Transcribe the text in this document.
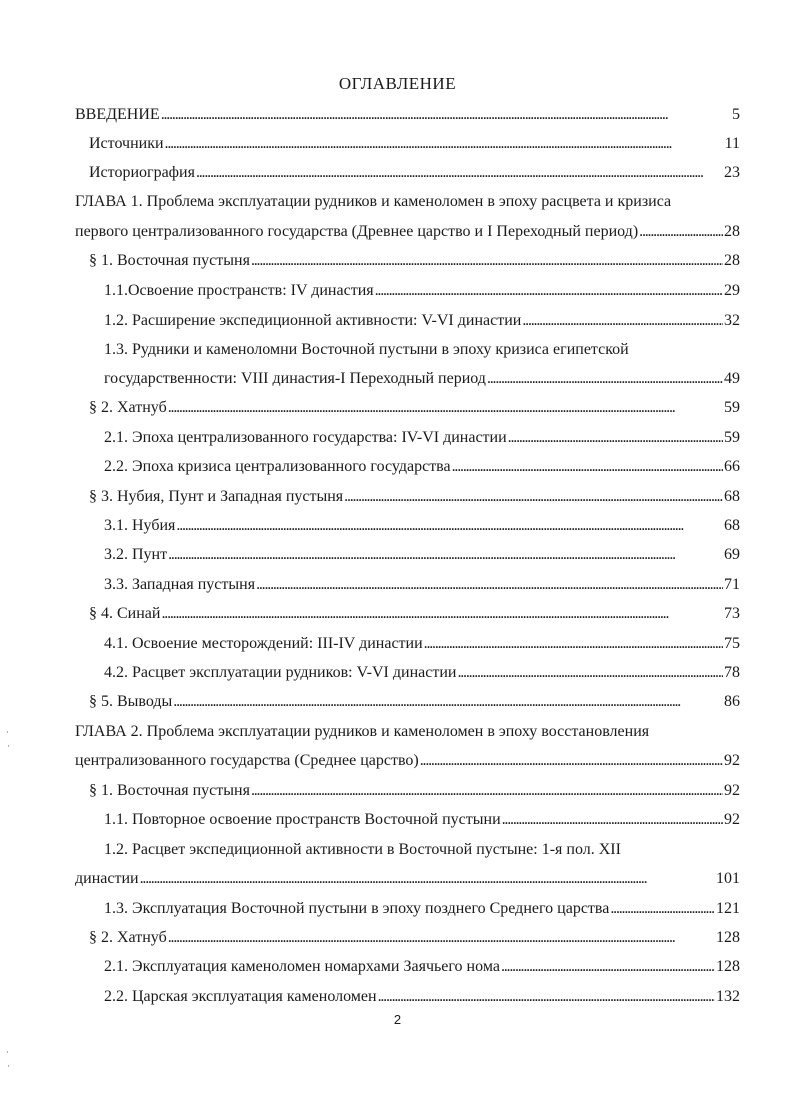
ОГЛАВЛЕНИЕ
ВВЕДЕНИЕ . . .	5
Источники . . .	11
Историография . . .	23
ГЛАВА 1. Проблема эксплуатации рудников и каменоломен в эпоху расцвета и кризиса
первого централизованного государства (Древнее царство и I Переходный период) . . .	28
§ 1. Восточная пустыня . . .	28
1.1.Освоение пространств: IV династия . . .	29
1.2. Расширение экспедиционной активности: V-VI династии . . .	32
1.3. Рудники и каменоломни Восточной пустыни в эпоху кризиса египетской
государственности: VIII династия-I Переходный период . . .	49
§ 2. Хатнуб . . .	59
2.1. Эпоха централизованного государства: IV-VI династии . . .	59
2.2. Эпоха кризиса централизованного государства . . .	66
§ 3. Нубия, Пунт и Западная пустыня . . .	68
3.1. Нубия . . .	68
3.2. Пунт . . .	69
3.3. Западная пустыня . . .	71
§ 4. Синай . . .	73
4.1. Освоение месторождений: III-IV династии . . .	75
4.2. Расцвет эксплуатации рудников: V-VI династии . . .	78
§ 5. Выводы . . .	86
ГЛАВА 2. Проблема эксплуатации рудников и каменоломен в эпоху восстановления
централизованного государства (Среднее царство) . . .	92
§ 1. Восточная пустыня . . .	92
1.1. Повторное освоение пространств Восточной пустыни . . .	92
1.2. Расцвет экспедиционной активности в Восточной пустыне: 1-я пол. XII
династии . . .	101
1.3. Эксплуатация Восточной пустыни в эпоху позднего Среднего царства . . .	121
§ 2. Хатнуб . . .	128
2.1. Эксплуатация каменоломен номархами Заячьего нома . . .	128
2.2. Царская эксплуатация каменоломен . . .	132
2
·
·
·
·
